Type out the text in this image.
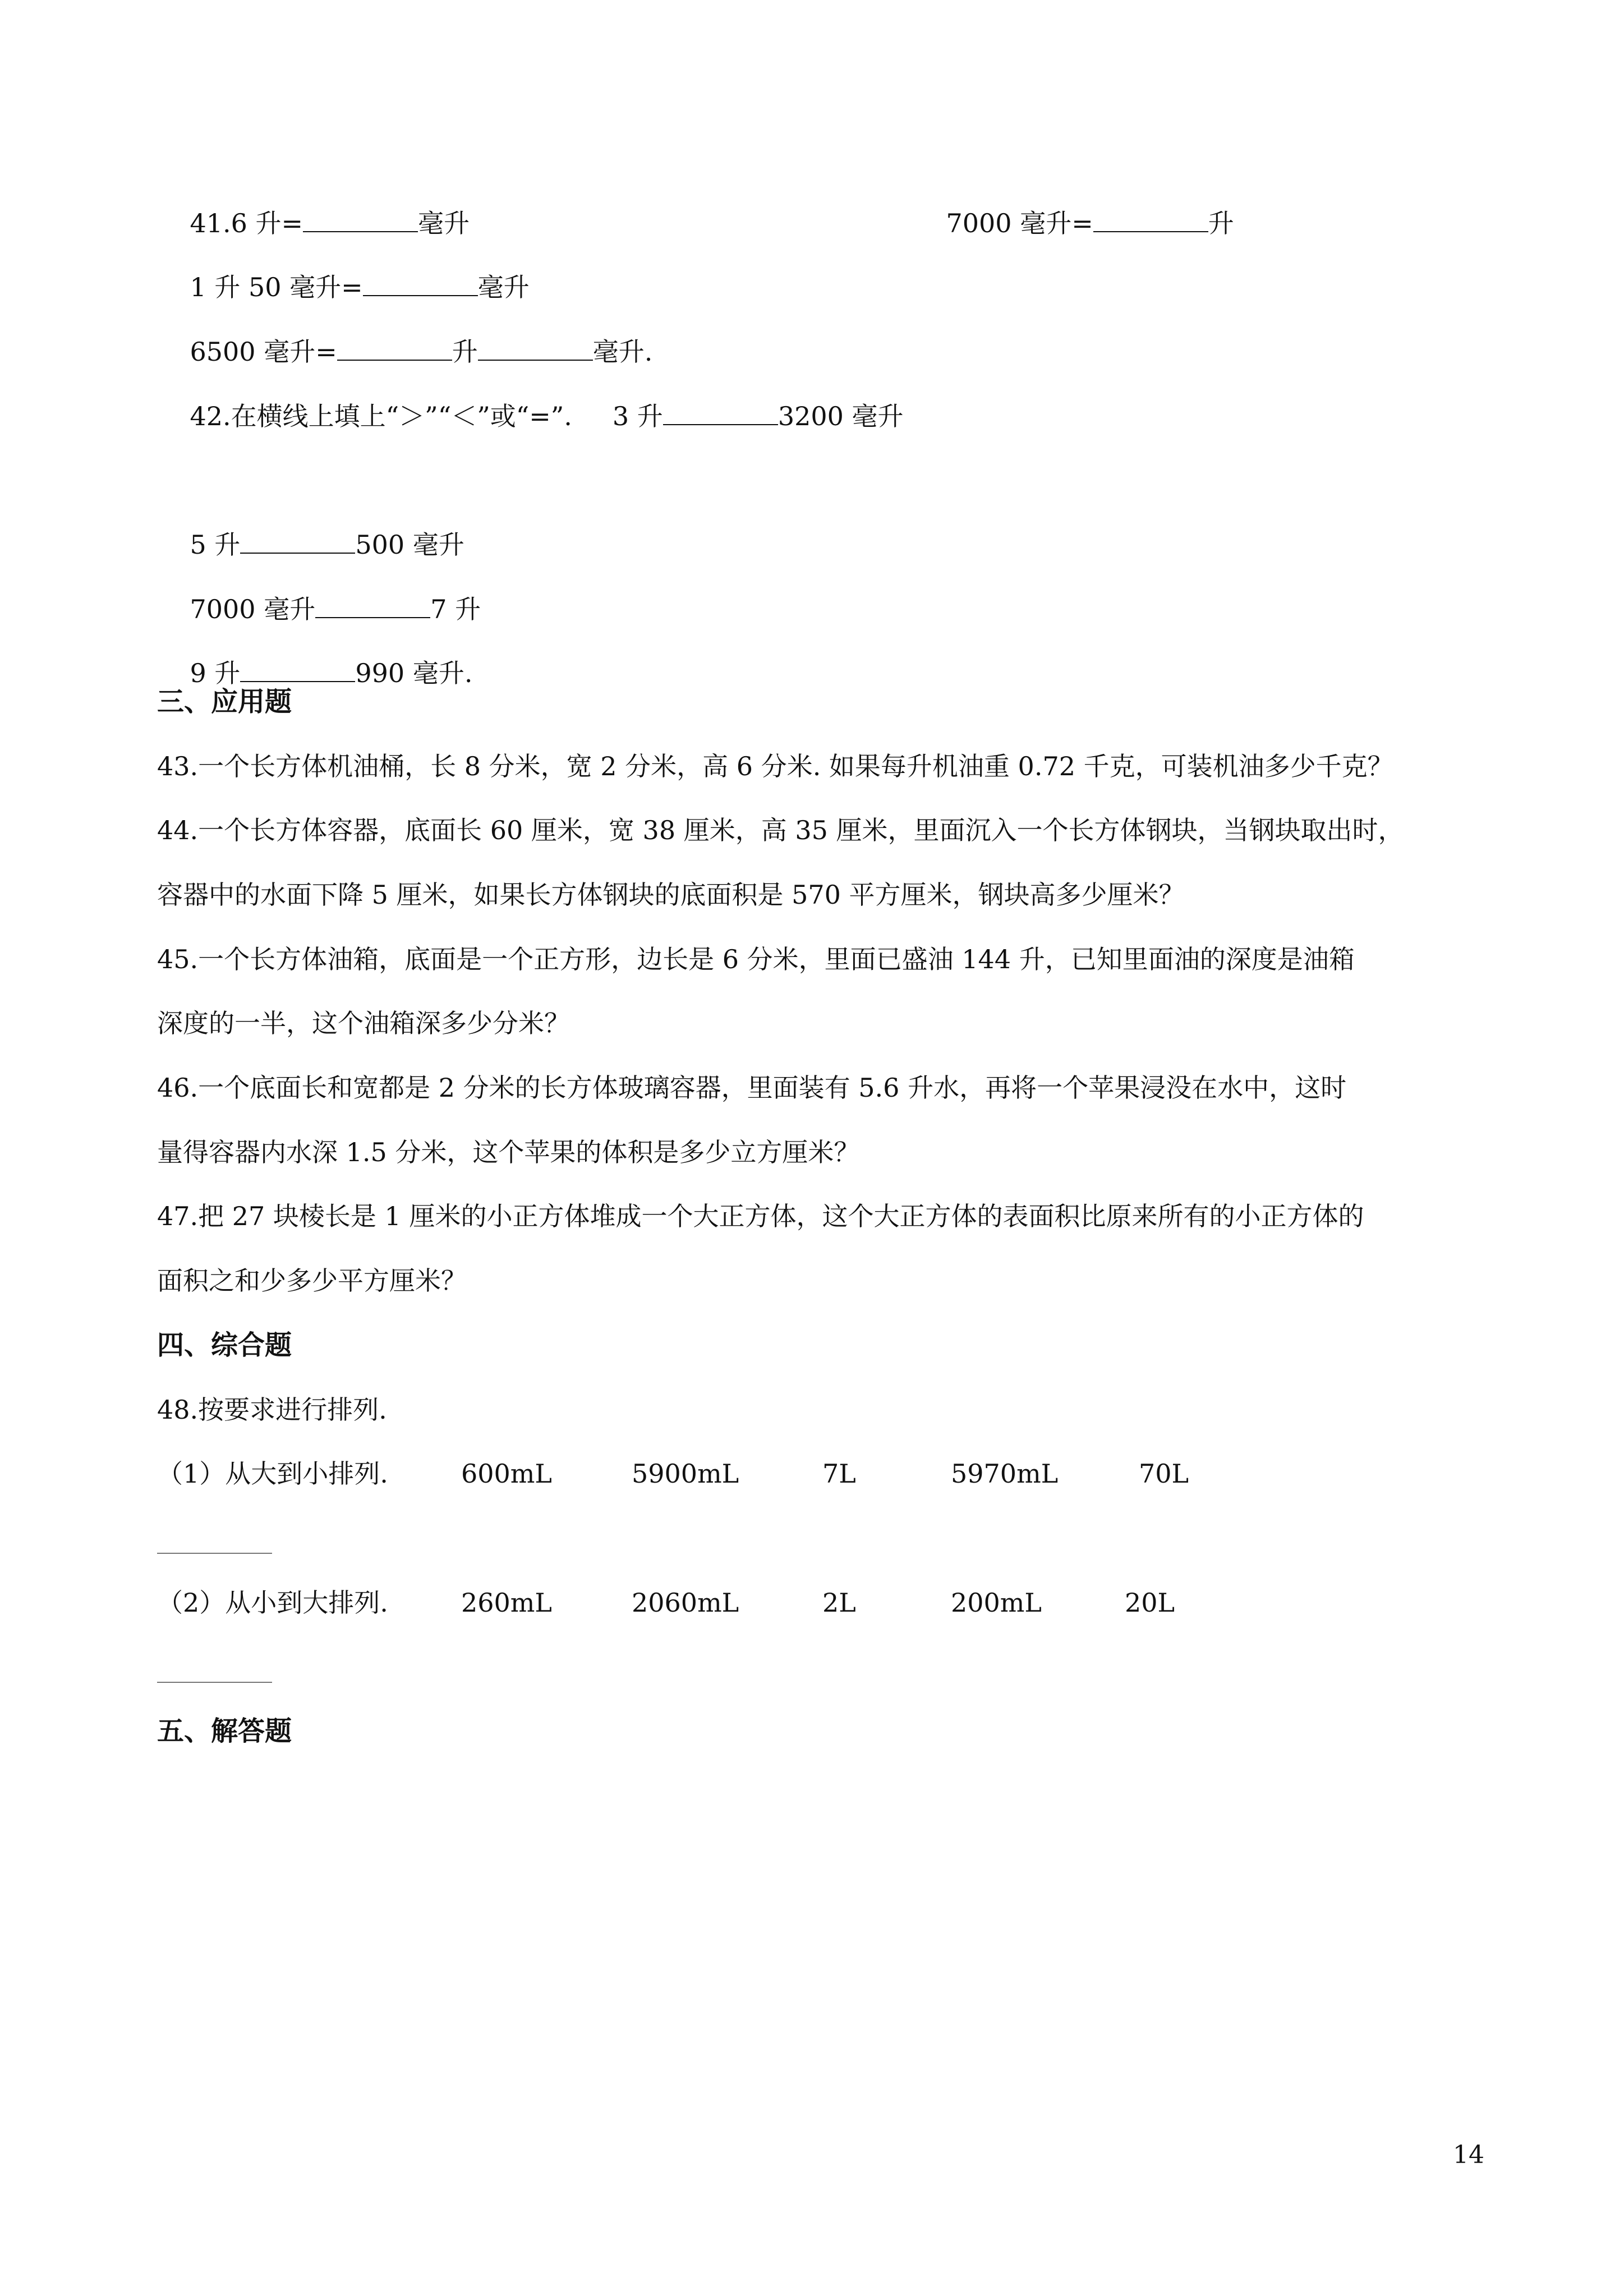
41.6 升=	毫升
	7000 毫升=	升

1 升 50 毫升=	毫升

6500 毫升=	升	毫升.

42.在横线上填上“＞”“＜”或“=”. 3 升	3200 毫升

5 升	500 毫升

7000 毫升	7 升

9 升	990 毫升.

三、应用题
43.一个长方体机油桶，长 8 分米，宽 2 分米，高 6 分米. 如果每升机油重 0.72 千克，可装机油多少千克？
44.一个长方体容器，底面长 60 厘米，宽 38 厘米，高 35 厘米，里面沉入一个长方体钢块，当钢块取出时，
容器中的水面下降 5 厘米，如果长方体钢块的底面积是 570 平方厘米，钢块高多少厘米？
45.一个长方体油箱，底面是一个正方形，边长是 6 分米，里面已盛油 144 升，已知里面油的深度是油箱
深度的一半，这个油箱深多少分米？
46.一个底面长和宽都是 2 分米的长方体玻璃容器，里面装有 5.6 升水，再将一个苹果浸没在水中，这时
量得容器内水深 1.5 分米，这个苹果的体积是多少立方厘米？
47.把 27 块棱长是 1 厘米的小正方体堆成一个大正方体，这个大正方体的表面积比原来所有的小正方体的
面积之和少多少平方厘米？
四、综合题
48.按要求进行排列.
（1）从大到小排列.	600mL	5900mL	7L	5970mL	70L
（2）从小到大排列.	260mL	2060mL	2L	200mL	20L
五、解答题
14
